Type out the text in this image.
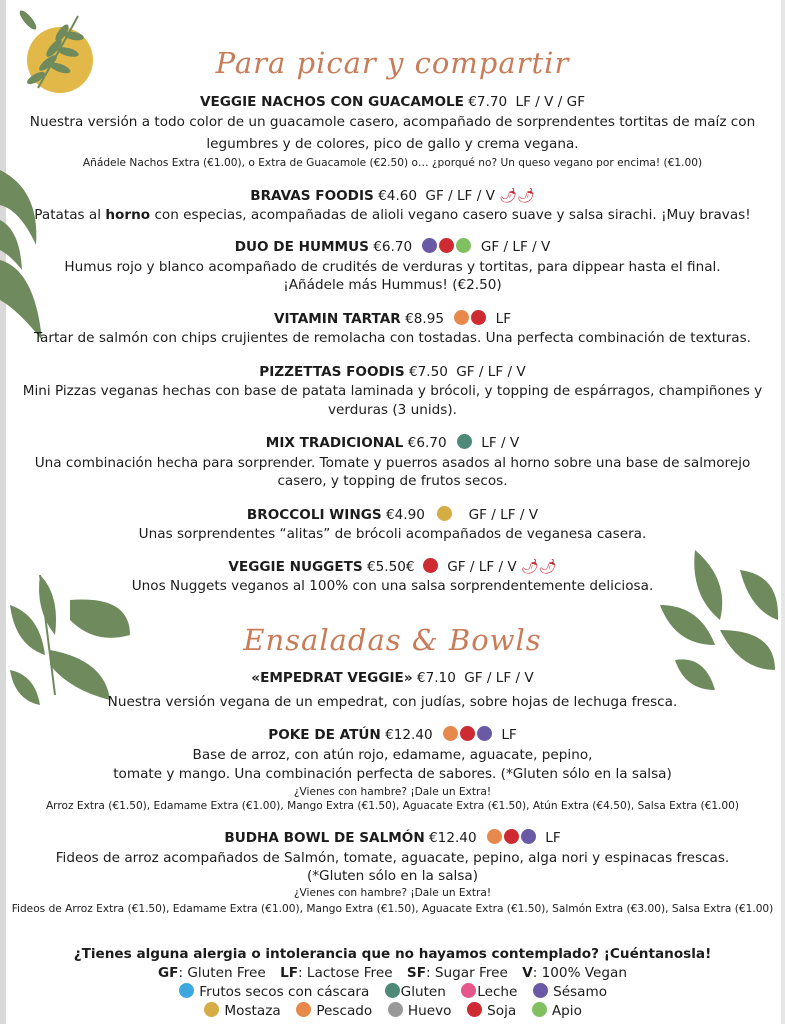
Para picar y compartir
VEGGIE NACHOS CON GUACAMOLE €7.70 LF / V / GF
Nuestra versión a todo color de un guacamole casero, acompañado de sorprendentes tortitas de maíz con
legumbres y de colores, pico de gallo y crema vegana.
Añádele Nachos Extra (€1.00), o Extra de Guacamole (€2.50) o… ¿porqué no? Un queso vegano por encima! (€1.00)
BRAVAS FOODIS €4.60 GF / LF / V 🌶🌶
Patatas al horno con especias, acompañadas de alioli vegano casero suave y salsa sirachi. ¡Muy bravas!
DUO DE HUMMUS €6.70	GF / LF / V
Humus rojo y blanco acompañado de crudités de verduras y tortitas, para dippear hasta el final.
¡Añádele más Hummus! (€2.50)
VITAMIN TARTAR €8.95	LF
Tartar de salmón con chips crujientes de remolacha con tostadas. Una perfecta combinación de texturas.
PIZZETTAS FOODIS €7.50 GF / LF / V
Mini Pizzas veganas hechas con base de patata laminada y brócoli, y topping de espárragos, champiñones y
verduras (3 unids).
MIX TRADICIONAL €6.70	LF / V
Una combinación hecha para sorprender. Tomate y puerros asados al horno sobre una base de salmorejo
casero, y topping de frutos secos.
BROCCOLI WINGS €4.90	GF / LF / V
Unas sorprendentes “alitas” de brócoli acompañados de veganesa casera.
VEGGIE NUGGETS €5.50€ GF / LF / V 🌶🌶
Unos Nuggets veganos al 100% con una salsa sorprendentemente deliciosa.
Ensaladas & Bowls
«EMPEDRAT VEGGIE» €7.10 GF / LF / V
Nuestra versión vegana de un empedrat, con judías, sobre hojas de lechuga fresca.
POKE DE ATÚN €12.40	LF
Base de arroz, con atún rojo, edamame, aguacate, pepino,
tomate y mango. Una combinación perfecta de sabores. (*Gluten sólo en la salsa)
¿Vienes con hambre? ¡Dale un Extra!
Arroz Extra (€1.50), Edamame Extra (€1.00), Mango Extra (€1.50), Aguacate Extra (€1.50), Atún Extra (€4.50), Salsa Extra (€1.00)
BUDHA BOWL DE SALMÓN €12.40	LF
Fideos de arroz acompañados de Salmón, tomate, aguacate, pepino, alga nori y espinacas frescas.
(*Gluten sólo en la salsa)
¿Vienes con hambre? ¡Dale un Extra!
Fideos de Arroz Extra (€1.50), Edamame Extra (€1.00), Mango Extra (€1.50), Aguacate Extra (€1.50), Salmón Extra (€3.00), Salsa Extra (€1.00)
¿Tienes alguna alergia o intolerancia que no hayamos contemplado? ¡Cuéntanosla!
GF: Gluten Free LF: Lactose Free SF: Sugar Free V: 100% Vegan
Frutos secos con cáscara Gluten Leche	Sésamo
Mostaza	Pescado	Huevo	Soja	Apio
